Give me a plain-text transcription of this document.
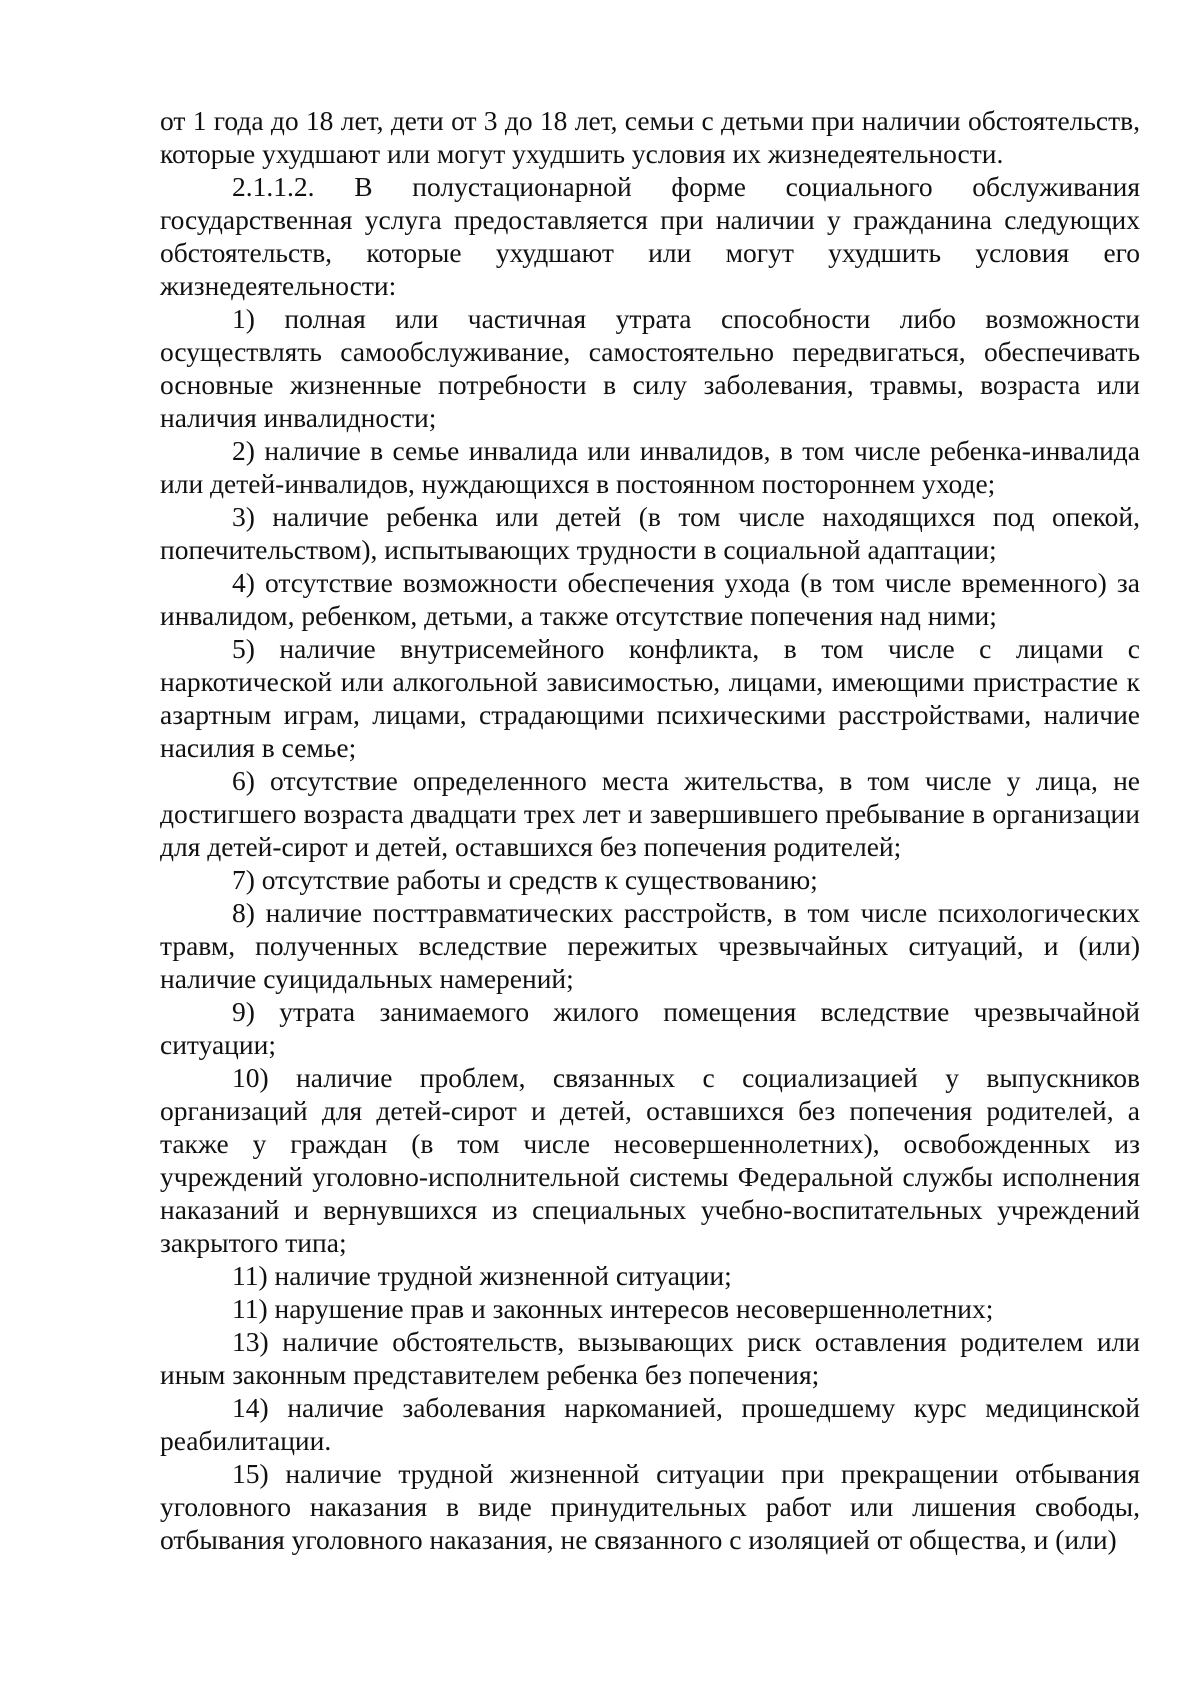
от 1 года до 18 лет, дети от 3 до 18 лет, семьи с детьми при наличии обстоятельств, которые ухудшают или могут ухудшить условия их жизнедеятельности.

2.1.1.2. В полустационарной форме социального обслуживания государственная услуга предоставляется при наличии у гражданина следующих обстоятельств, которые ухудшают или могут ухудшить условия его жизнедеятельности:

1) полная или частичная утрата способности либо возможности осуществлять самообслуживание, самостоятельно передвигаться, обеспечивать основные жизненные потребности в силу заболевания, травмы, возраста или наличия инвалидности;

2) наличие в семье инвалида или инвалидов, в том числе ребенка-инвалида или детей-инвалидов, нуждающихся в постоянном постороннем уходе;

3) наличие ребенка или детей (в том числе находящихся под опекой, попечительством), испытывающих трудности в социальной адаптации;

4) отсутствие возможности обеспечения ухода (в том числе временного) за инвалидом, ребенком, детьми, а также отсутствие попечения над ними;

5) наличие внутрисемейного конфликта, в том числе с лицами с наркотической или алкогольной зависимостью, лицами, имеющими пристрастие к азартным играм, лицами, страдающими психическими расстройствами, наличие насилия в семье;

6) отсутствие определенного места жительства, в том числе у лица, не достигшего возраста двадцати трех лет и завершившего пребывание в организации для детей-сирот и детей, оставшихся без попечения родителей;

7) отсутствие работы и средств к существованию;

8) наличие посттравматических расстройств, в том числе психологических травм, полученных вследствие пережитых чрезвычайных ситуаций, и (или) наличие суицидальных намерений;

9) утрата занимаемого жилого помещения вследствие чрезвычайной ситуации;

10) наличие проблем, связанных с социализацией у выпускников организаций для детей-сирот и детей, оставшихся без попечения родителей, а также у граждан (в том числе несовершеннолетних), освобожденных из учреждений уголовно-исполнительной системы Федеральной службы исполнения наказаний и вернувшихся из специальных учебно-воспитательных учреждений закрытого типа;

11) наличие трудной жизненной ситуации;

11) нарушение прав и законных интересов несовершеннолетних;

13) наличие обстоятельств, вызывающих риск оставления родителем или иным законным представителем ребенка без попечения;

14) наличие заболевания наркоманией, прошедшему курс медицинской реабилитации.

15) наличие трудной жизненной ситуации при прекращении отбывания уголовного наказания в виде принудительных работ или лишения свободы, отбывания уголовного наказания, не связанного с изоляцией от общества, и (или)
